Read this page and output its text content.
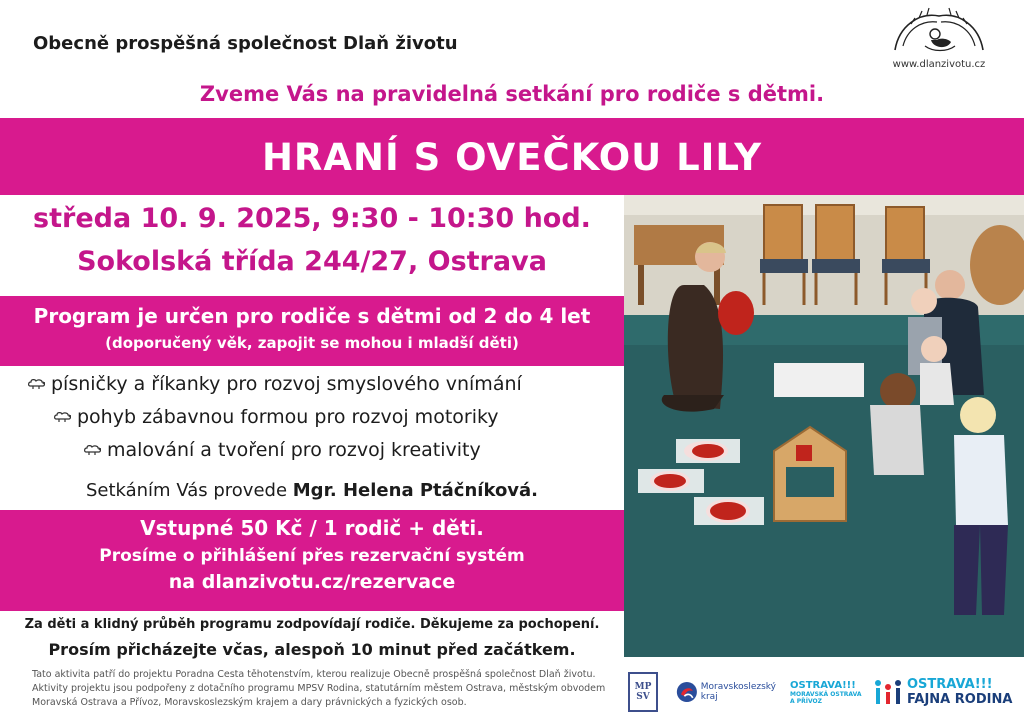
Obecně prospěšná společnost Dlaň životu
www.dlanzivotu.cz
Zveme Vás na pravidelná setkání pro rodiče s dětmi.
HRANÍ S OVEČKOU LILY
středa 10. 9. 2025, 9:30 - 10:30 hod.
Sokolská třída 244/27, Ostrava
Program je určen pro rodiče s dětmi od 2 do 4 let
(doporučený věk, zapojit se mohou i mladší děti)
písničky a říkanky pro rozvoj smyslového vnímání
pohyb zábavnou formou pro rozvoj motoriky
malování a tvoření pro rozvoj kreativity
Setkáním Vás provede Mgr. Helena Ptáčníková.
Vstupné 50 Kč / 1 rodič + děti.
Prosíme o přihlášení přes rezervační systém
na dlanzivotu.cz/rezervace
Za děti a klidný průběh programu zodpovídají rodiče. Děkujeme za pochopení.
Prosím přicházejte včas, alespoň 10 minut před začátkem.
Tato aktivita patří do projektu Poradna Cesta těhotenstvím, kterou realizuje Obecně prospěšná společnost Dlaň životu.
Aktivity projektu jsou podpořeny z dotačního programu MPSV Rodina, statutárním městem Ostrava, městským obvodem
Moravská Ostrava a Přívoz, Moravskoslezským krajem a dary právnických a fyzických osob.
MP
SV
Moravskoslezský
kraj
OSTRAVA!!!
MORAVSKÁ OSTRAVA
A PŘÍVOZ
OSTRAVA!!!
FAJNA RODINA
